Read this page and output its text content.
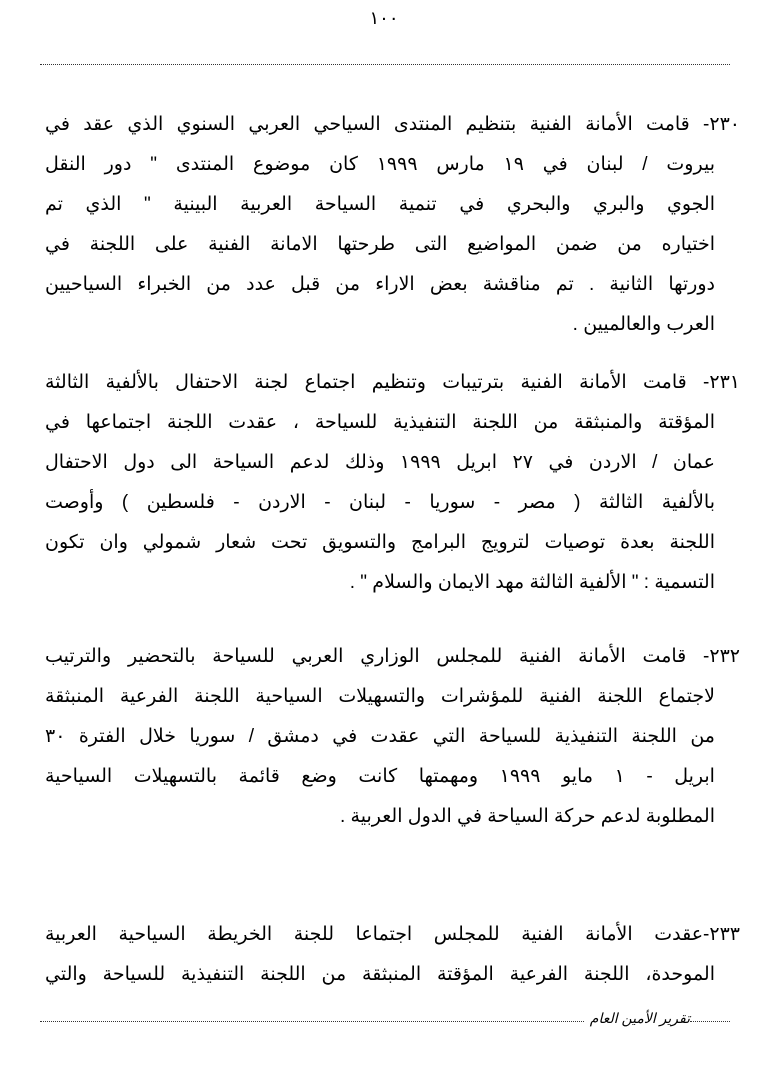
١٠٠
٢٣٠- قامت الأمانة الفنية بتنظيم المنتدى السياحي العربي السنوي الذي عقد في
بيروت / لبنان في ١٩ مارس ١٩٩٩ كان موضوع المنتدى " دور النقل
الجوي والبري والبحري في تنمية السياحة العربية البينية " الذي تم
اختياره من ضمن المواضيع التى طرحتها الامانة الفنية على اللجنة في
دورتها الثانية . تم مناقشة بعض الاراء من قبل عدد من الخبراء السياحيين
العرب والعالميين .
٢٣١- قامت الأمانة الفنية بترتيبات وتنظيم اجتماع لجنة الاحتفال بالألفية الثالثة
المؤقتة والمنبثقة من اللجنة التنفيذية للسياحة ، عقدت اللجنة اجتماعها في
عمان / الاردن في ٢٧ ابريل ١٩٩٩ وذلك لدعم السياحة الى دول الاحتفال
بالألفية الثالثة ( مصر - سوريا - لبنان - الاردن - فلسطين ) وأوصت
اللجنة بعدة توصيات لترويج البرامج والتسويق تحت شعار شمولي وان تكون
التسمية : " الألفية الثالثة مهد الايمان والسلام " .
٢٣٢- قامت الأمانة الفنية للمجلس الوزاري العربي للسياحة بالتحضير والترتيب
لاجتماع اللجنة الفنية للمؤشرات والتسهيلات السياحية اللجنة الفرعية المنبثقة
من اللجنة التنفيذية للسياحة التي عقدت في دمشق / سوريا خلال الفترة ٣٠
ابريل - ١ مايو ١٩٩٩ ومهمتها كانت وضع قائمة بالتسهيلات السياحية
المطلوبة لدعم حركة السياحة في الدول العربية .
٢٣٣-عقدت الأمانة الفنية للمجلس اجتماعا للجنة الخريطة السياحية العربية
الموحدة، اللجنة الفرعية المؤقتة المنبثقة من اللجنة التنفيذية للسياحة والتي
تقرير الأمين العام
